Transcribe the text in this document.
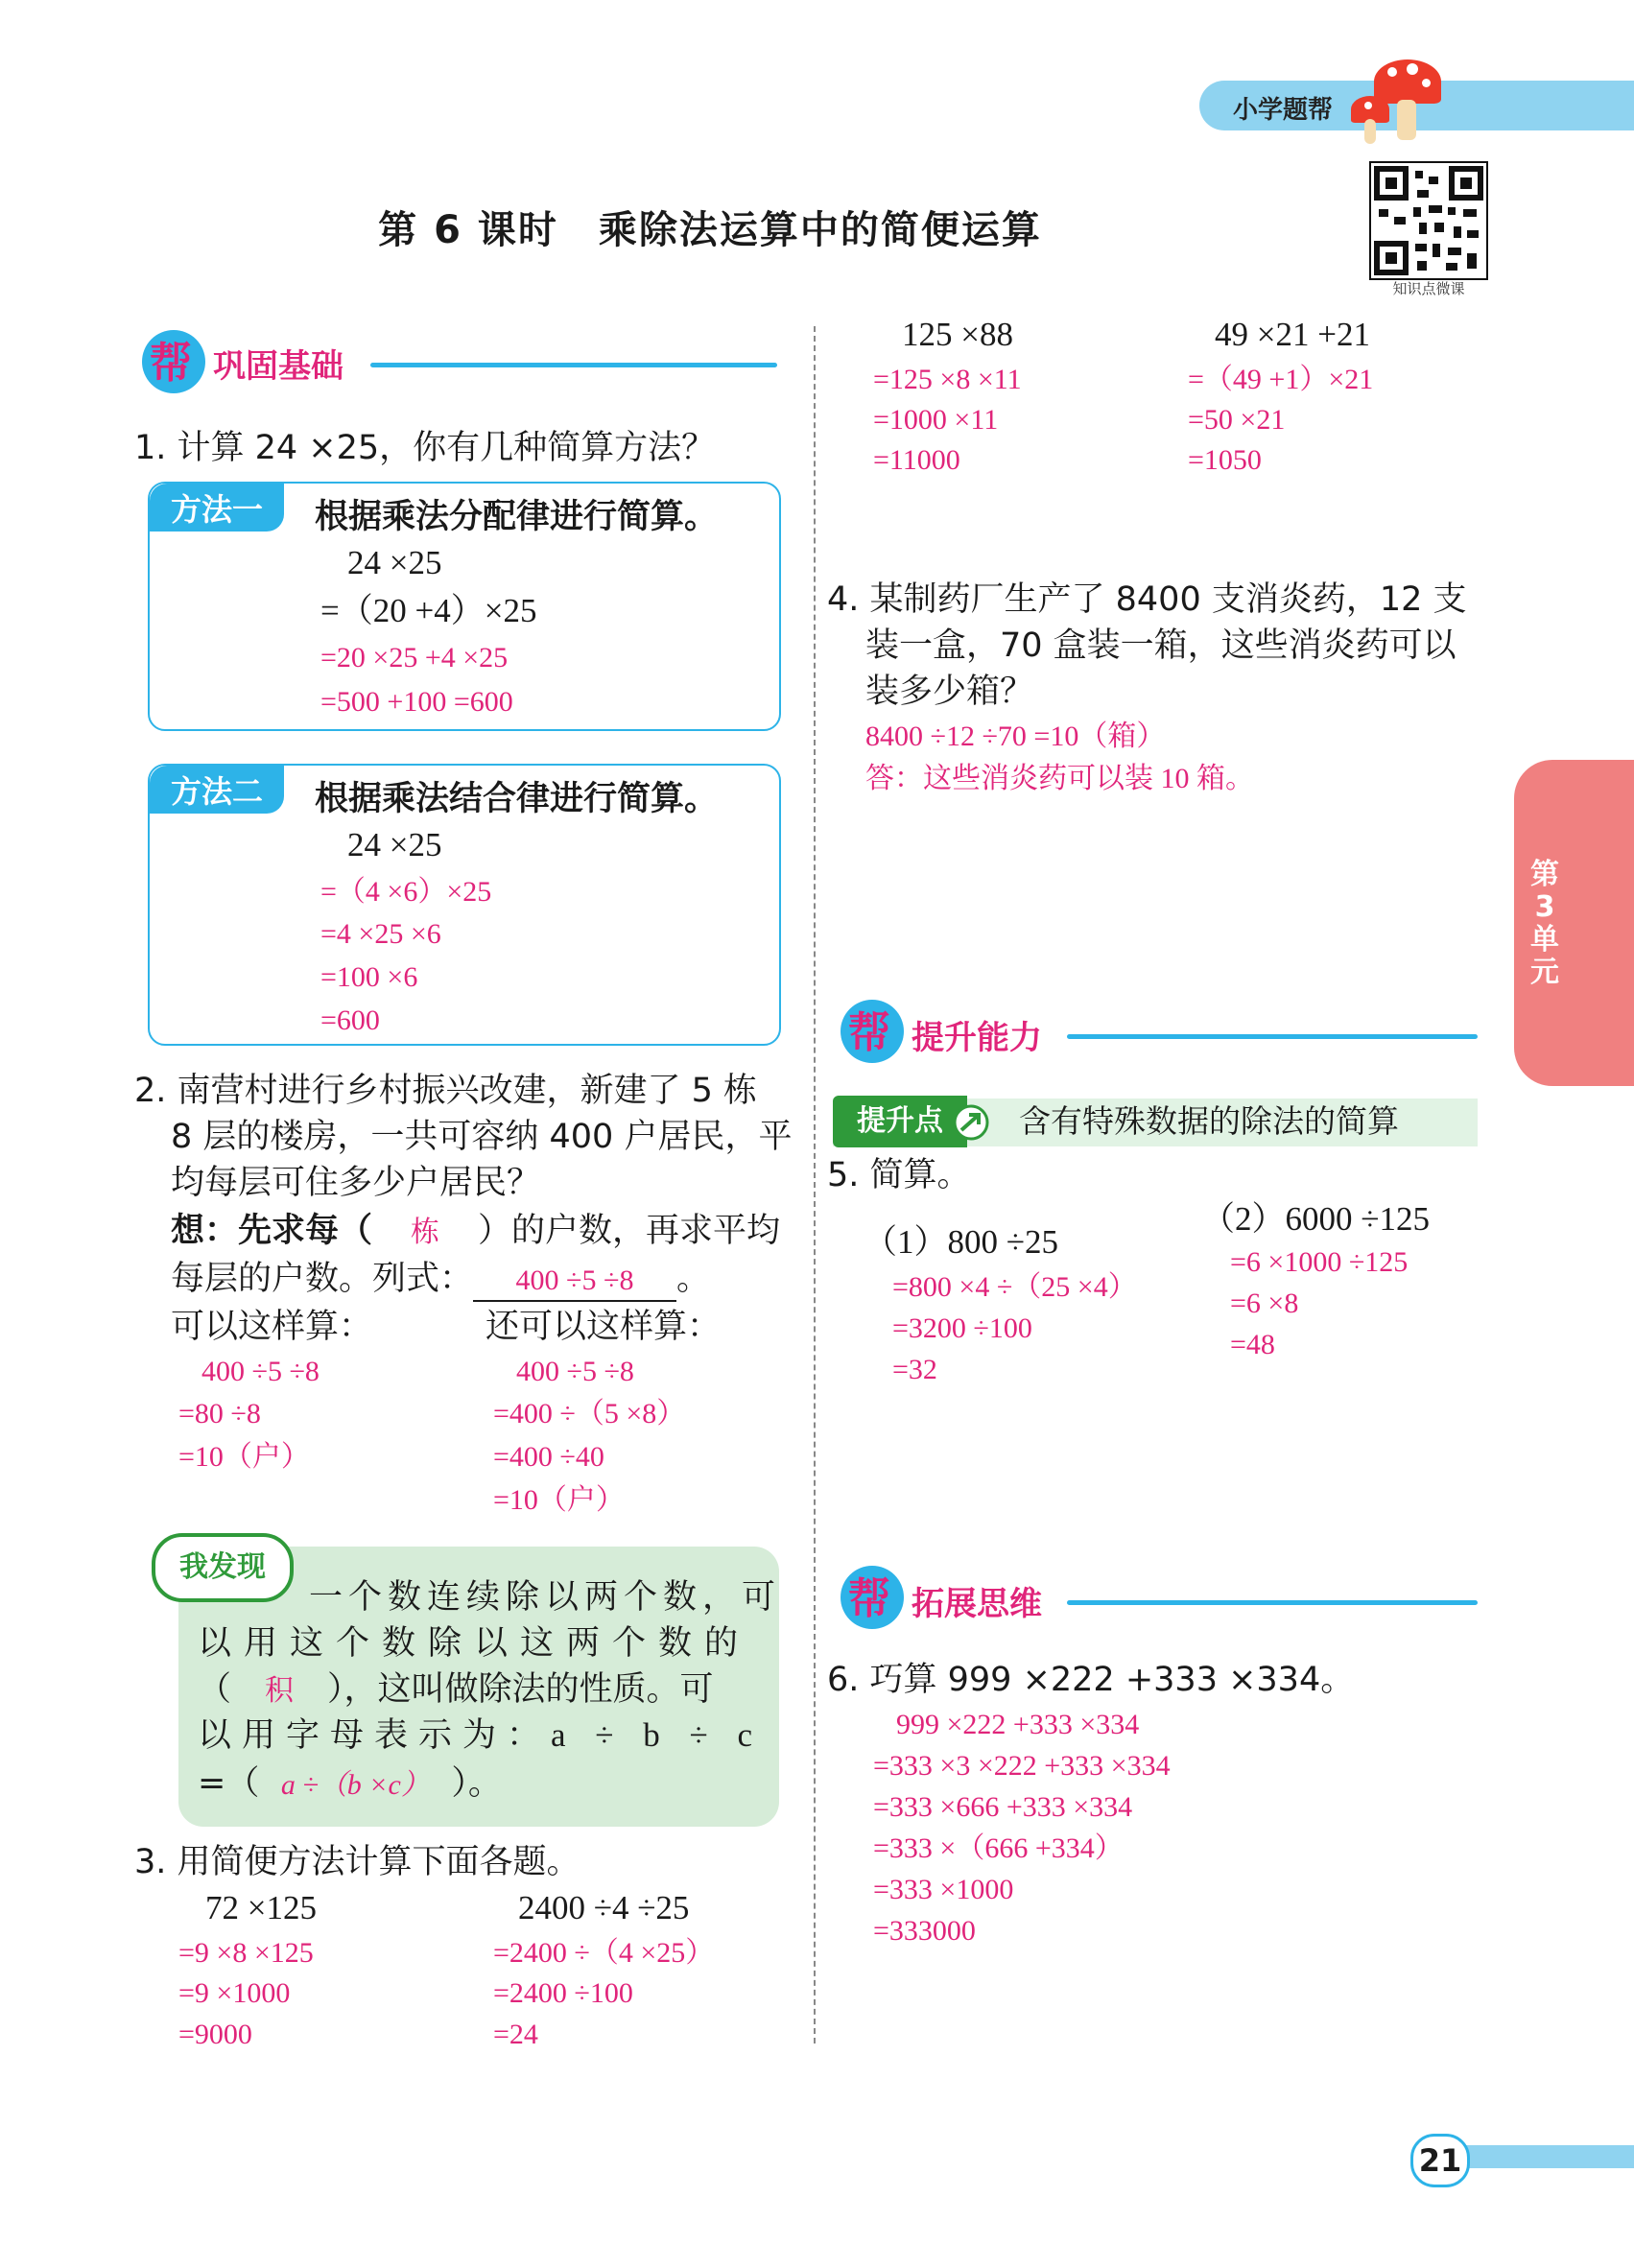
小学题帮
第 6 课时　乘除法运算中的简便运算
知识点微课
帮 巩固基础
1. 计算 24 ×25，你有几种简算方法？
方法一	根据乘法分配律进行简算。
24 ×25
=（20 +4）×25
=20 ×25 +4 ×25
=500 +100 =600
方法二	根据乘法结合律进行简算。
24 ×25
=（4 ×6）×25
=4 ×25 ×6
=100 ×6
=600
2. 南营村进行乡村振兴改建，新建了 5 栋
8 层的楼房，一共可容纳 400 户居民，平
均每层可住多少户居民？
想：先求每（ 栋 ）的户数，再求平均
每层的户数。列式： 400 ÷5 ÷8 。
可以这样算：	还可以这样算：
400 ÷5 ÷8
=80 ÷8
=10（户）
400 ÷5 ÷8
=400 ÷（5 ×8）
=400 ÷40
=10（户）
我发现
一个数连续除以两个数，可
以用这个数除以这两个数的
（ 积 ），这叫做除法的性质。可
以用字母表示为：a ÷ b ÷ c
=（ a ÷（b ×c） ）。
3. 用简便方法计算下面各题。
72 ×125
=9 ×8 ×125
=9 ×1000
=9000
2400 ÷4 ÷25
=2400 ÷（4 ×25）
=2400 ÷100
=24
125 ×88
=125 ×8 ×11
=1000 ×11
=11000
49 ×21 +21
=（49 +1）×21
=50 ×21
=1050
4. 某制药厂生产了 8400 支消炎药，12 支
装一盒，70 盒装一箱，这些消炎药可以
装多少箱？
8400 ÷12 ÷70 =10（箱）
答：这些消炎药可以装 10 箱。
帮 提升能力
提升点	含有特殊数据的除法的简算
5. 简算。
（1）800 ÷25
=800 ×4 ÷（25 ×4）
=3200 ÷100
=32
（2）6000 ÷125
=6 ×1000 ÷125
=6 ×8
=48
帮 拓展思维
6. 巧算 999 ×222 +333 ×334。
999 ×222 +333 ×334
=333 ×3 ×222 +333 ×334
=333 ×666 +333 ×334
=333 ×（666 +334）
=333 ×1000
=333000
第3单元
21
